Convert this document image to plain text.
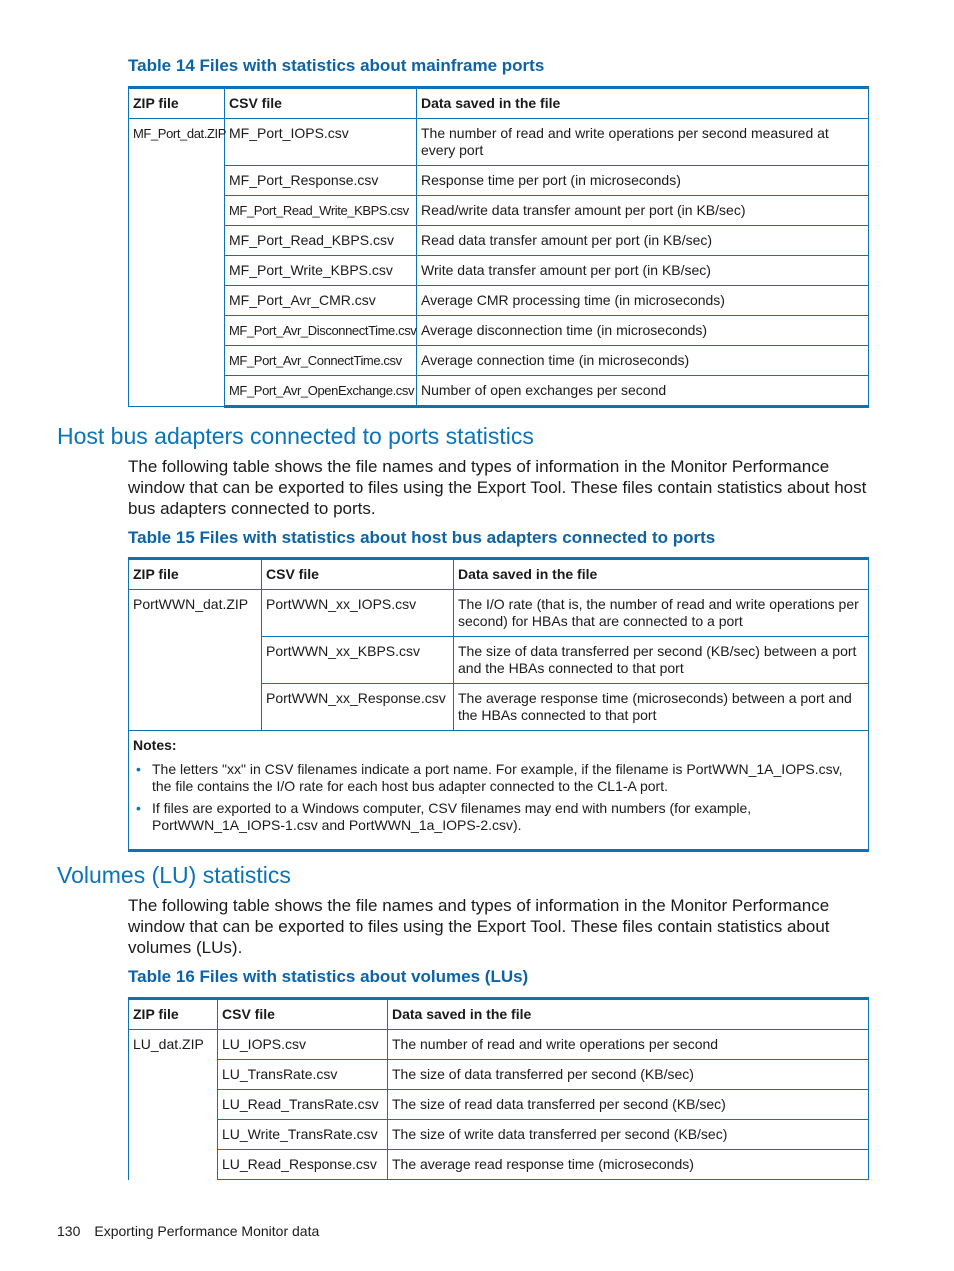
Table 14 Files with statistics about mainframe ports
ZIP file	CSV file	Data saved in the file
MF_Port_dat.ZIP	MF_Port_IOPS.csv	The number of read and write operations per second measured at every port
	MF_Port_Response.csv	Response time per port (in microseconds)
	MF_Port_Read_Write_KBPS.csv	Read/write data transfer amount per port (in KB/sec)
	MF_Port_Read_KBPS.csv	Read data transfer amount per port (in KB/sec)
	MF_Port_Write_KBPS.csv	Write data transfer amount per port (in KB/sec)
	MF_Port_Avr_CMR.csv	Average CMR processing time (in microseconds)
	MF_Port_Avr_DisconnectTime.csv	Average disconnection time (in microseconds)
	MF_Port_Avr_ConnectTime.csv	Average connection time (in microseconds)
	MF_Port_Avr_OpenExchange.csv	Number of open exchanges per second
Host bus adapters connected to ports statistics
The following table shows the file names and types of information in the Monitor Performance window that can be exported to files using the Export Tool. These files contain statistics about host bus adapters connected to ports.
Table 15 Files with statistics about host bus adapters connected to ports
ZIP file	CSV file	Data saved in the file
PortWWN_dat.ZIP	PortWWN_xx_IOPS.csv	The I/O rate (that is, the number of read and write operations per second) for HBAs that are connected to a port
	PortWWN_xx_KBPS.csv	The size of data transferred per second (KB/sec) between a port and the HBAs connected to that port
	PortWWN_xx_Response.csv	The average response time (microseconds) between a port and the HBAs connected to that port

Notes:
• The letters "xx" in CSV filenames indicate a port name. For example, if the filename is PortWWN_1A_IOPS.csv, the file contains the I/O rate for each host bus adapter connected to the CL1-A port.
• If files are exported to a Windows computer, CSV filenames may end with numbers (for example, PortWWN_1A_IOPS-1.csv and PortWWN_1a_IOPS-2.csv).		
Volumes (LU) statistics
The following table shows the file names and types of information in the Monitor Performance window that can be exported to files using the Export Tool. These files contain statistics about volumes (LUs).
Table 16 Files with statistics about volumes (LUs)
ZIP file	CSV file	Data saved in the file
LU_dat.ZIP	LU_IOPS.csv	The number of read and write operations per second
	LU_TransRate.csv	The size of data transferred per second (KB/sec)
	LU_Read_TransRate.csv	The size of read data transferred per second (KB/sec)
	LU_Write_TransRate.csv	The size of write data transferred per second (KB/sec)
	LU_Read_Response.csv	The average read response time (microseconds)
130 Exporting Performance Monitor data
